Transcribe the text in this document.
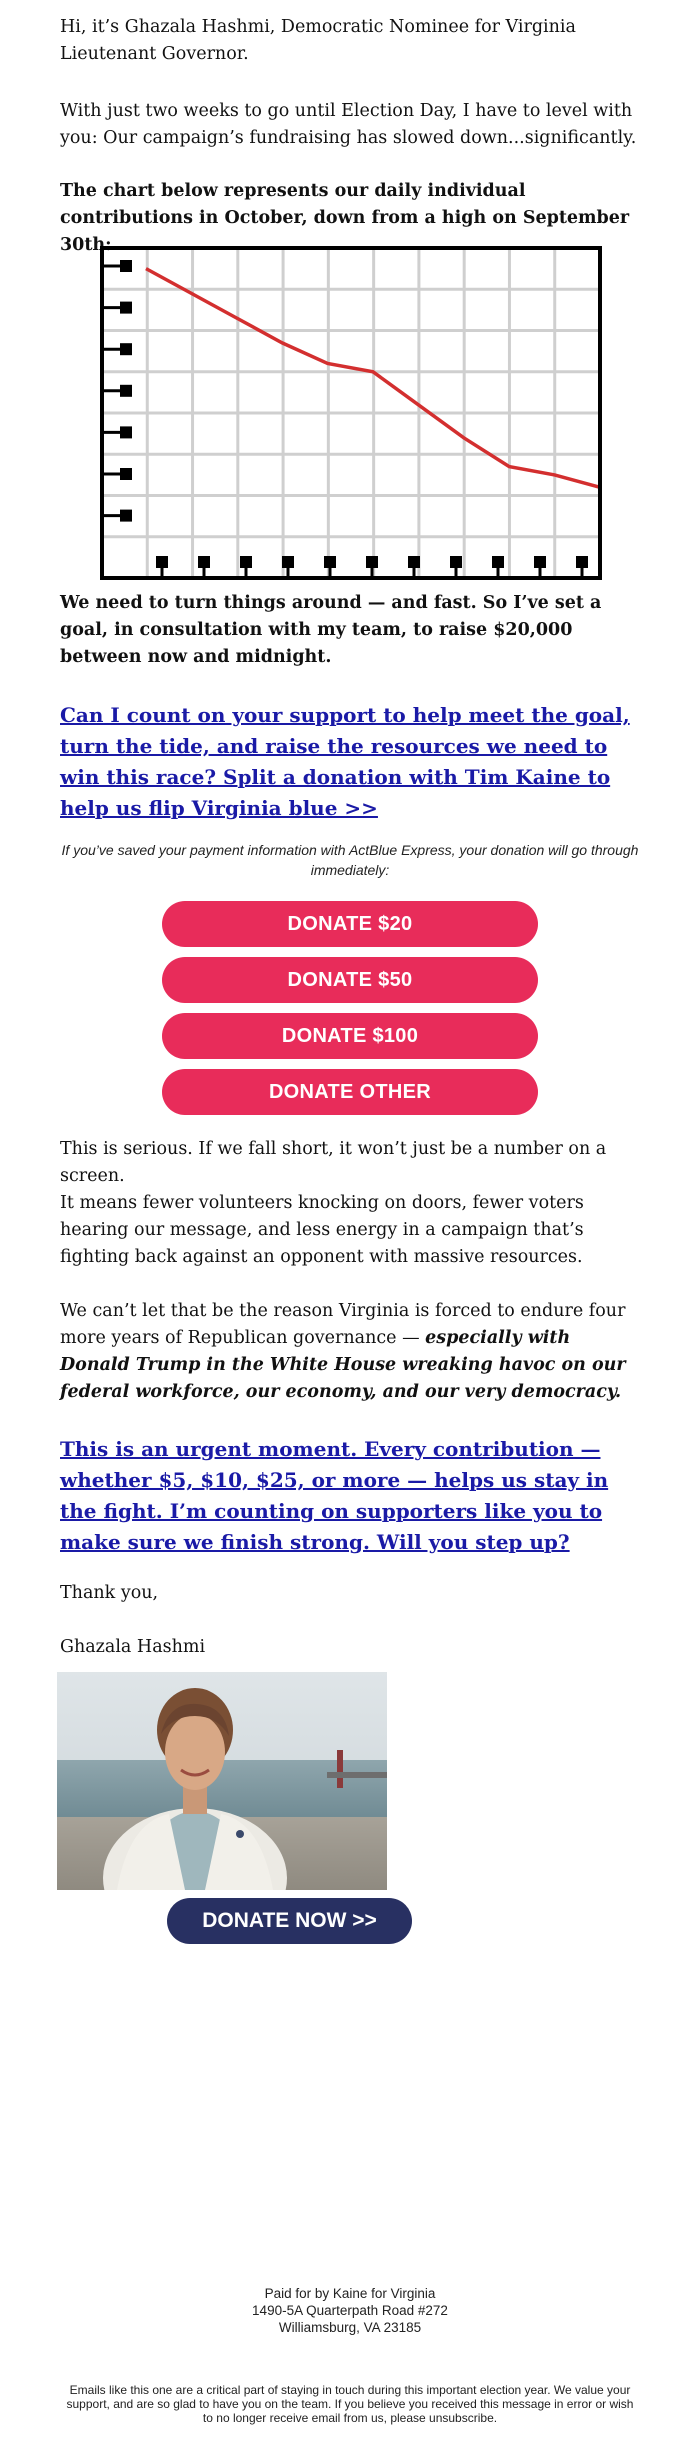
Hi, it’s Ghazala Hashmi, Democratic Nominee for Virginia Lieutenant Governor.

With just two weeks to go until Election Day, I have to level with you: Our campaign’s fundraising has slowed down...significantly.

The chart below represents our daily individual contributions in October, down from a high on September 30th:

We need to turn things around — and fast. So I’ve set a goal, in consultation with my team, to raise $20,000 between now and midnight.

Can I count on your support to help meet the goal, turn the tide, and raise the resources we need to win this race? Split a donation with Tim Kaine to help us flip Virginia blue >>

If you’ve saved your payment information with ActBlue Express, your donation will go through immediately:

DONATE $20
DONATE $50
DONATE $100
DONATE OTHER

This is serious. If we fall short, it won’t just be a number on a screen.

It means fewer volunteers knocking on doors, fewer voters hearing our message, and less energy in a campaign that’s fighting back against an opponent with massive resources.

We can’t let that be the reason Virginia is forced to endure four more years of Republican governance — especially with Donald Trump in the White House wreaking havoc on our federal workforce, our economy, and our very democracy.

This is an urgent moment. Every contribution — whether $5, $10, $25, or more — helps us stay in the fight. I’m counting on supporters like you to make sure we finish strong. Will you step up?

Thank you,

Ghazala Hashmi

DONATE NOW >>
Paid for by Kaine for Virginia
1490-5A Quarterpath Road #272
Williamsburg, VA 23185
Emails like this one are a critical part of staying in touch during this important election year. We value your support, and are so glad to have you on the team. If you believe you received this message in error or wish to no longer receive email from us, please unsubscribe.
